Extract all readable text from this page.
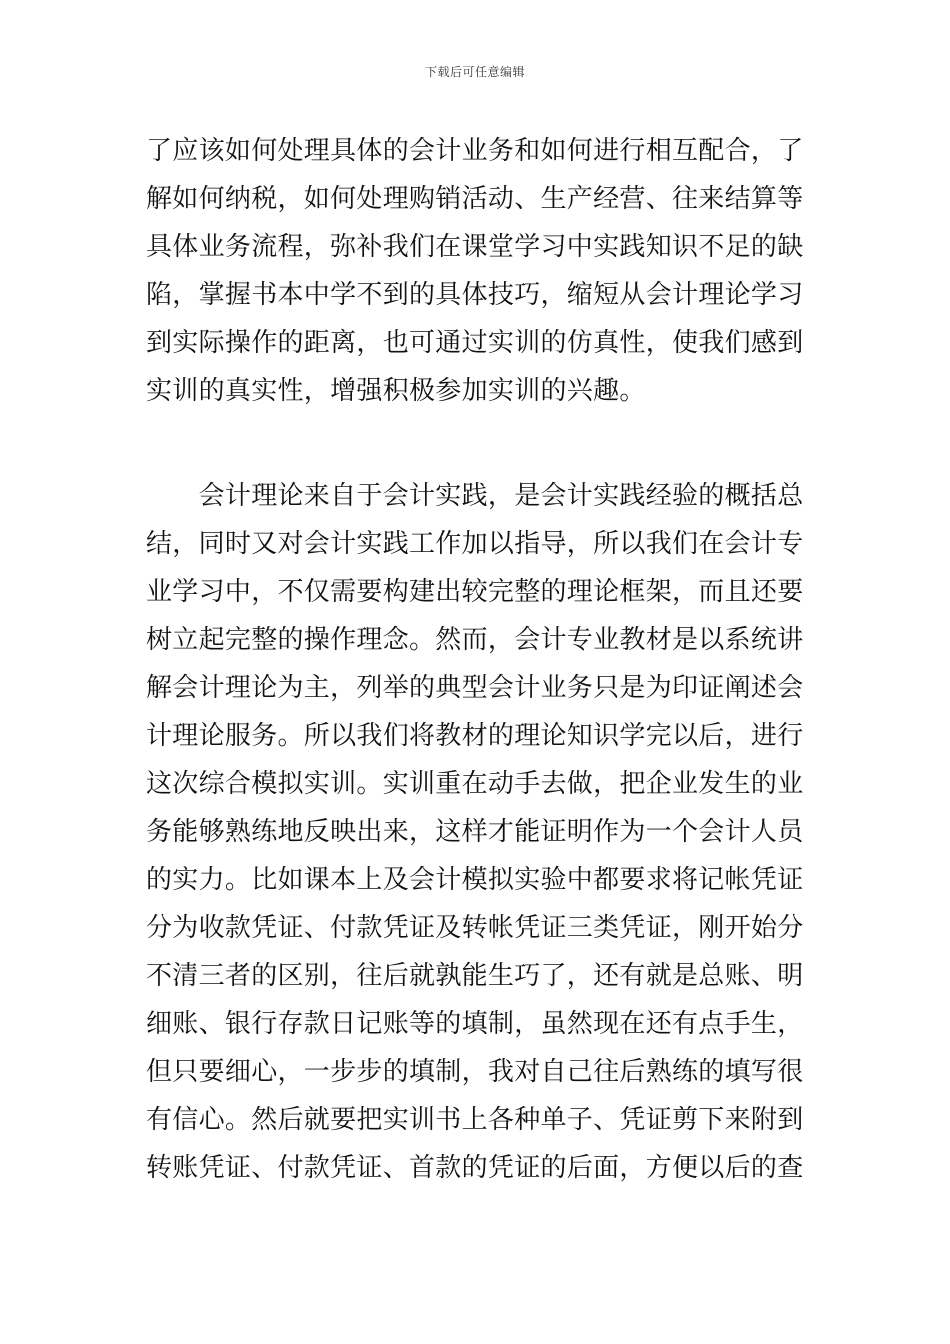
下载后可任意编辑
了应该如何处理具体的会计业务和如何进行相互配合，了
解如何纳税，如何处理购销活动、生产经营、往来结算等
具体业务流程，弥补我们在课堂学习中实践知识不足的缺
陷，掌握书本中学不到的具体技巧，缩短从会计理论学习
到实际操作的距离，也可通过实训的仿真性，使我们感到
实训的真实性，增强积极参加实训的兴趣。
　　会计理论来自于会计实践，是会计实践经验的概括总
结，同时又对会计实践工作加以指导，所以我们在会计专
业学习中，不仅需要构建出较完整的理论框架，而且还要
树立起完整的操作理念。然而，会计专业教材是以系统讲
解会计理论为主，列举的典型会计业务只是为印证阐述会
计理论服务。所以我们将教材的理论知识学完以后，进行
这次综合模拟实训。实训重在动手去做，把企业发生的业
务能够熟练地反映出来，这样才能证明作为一个会计人员
的实力。比如课本上及会计模拟实验中都要求将记帐凭证
分为收款凭证、付款凭证及转帐凭证三类凭证，刚开始分
不清三者的区别，往后就孰能生巧了，还有就是总账、明
细账、银行存款日记账等的填制，虽然现在还有点手生，
但只要细心，一步步的填制，我对自己往后熟练的填写很
有信心。然后就要把实训书上各种单子、凭证剪下来附到
转账凭证、付款凭证、首款的凭证的后面，方便以后的查
